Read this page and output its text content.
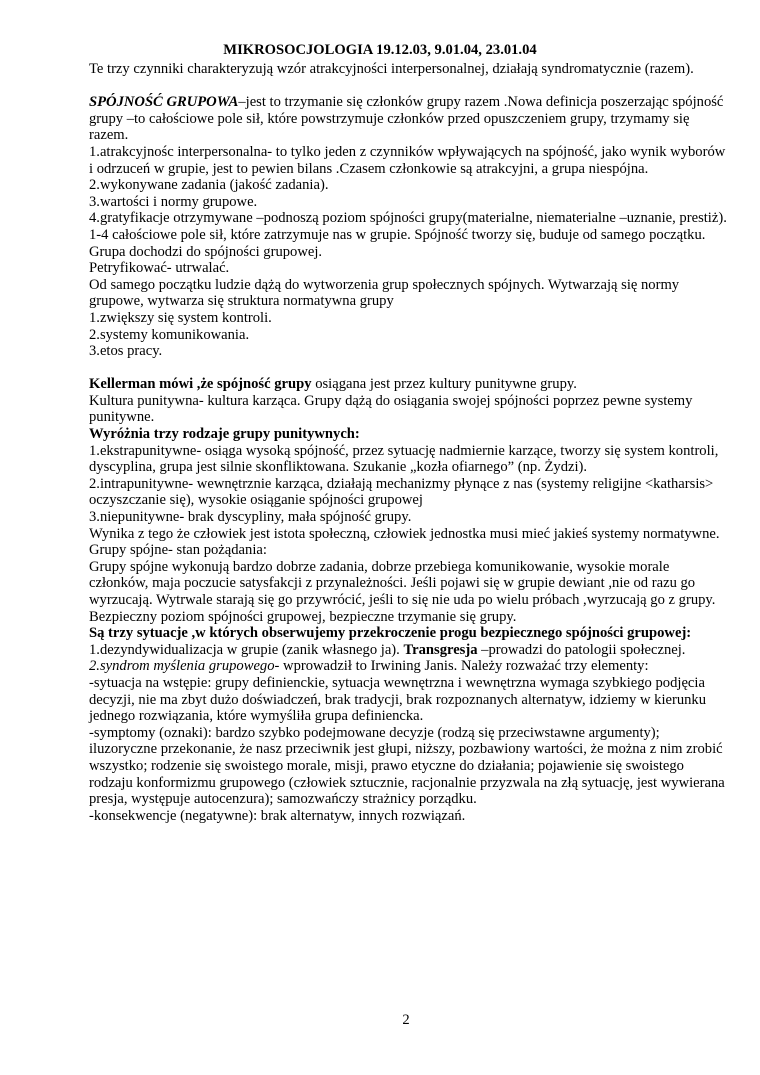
MIKROSOCJOLOGIA 19.12.03, 9.01.04, 23.01.04

Te trzy czynniki charakteryzują wzór atrakcyjności interpersonalnej, działają syndromatycznie (razem).

SPÓJNOŚĆ GRUPOWA–jest to trzymanie się członków grupy razem .Nowa definicja poszerzając spójność grupy –to całościowe pole sił, które powstrzymuje członków przed opuszczeniem grupy, trzymamy się razem.

1.atrakcyjnośc interpersonalna- to tylko jeden z czynników wpływających na spójność, jako wynik wyborów i odrzuceń w grupie, jest to pewien bilans .Czasem członkowie są atrakcyjni, a grupa niespójna.

2.wykonywane zadania (jakość zadania).

3.wartości i normy grupowe.

4.gratyfikacje otrzymywane –podnoszą poziom spójności grupy(materialne, niematerialne –uznanie, prestiż).

1-4 całościowe pole sił, które zatrzymuje nas w grupie. Spójność tworzy się, buduje od samego początku. Grupa dochodzi do spójności grupowej.

Petryfikować- utrwalać.

Od samego początku ludzie dążą do wytworzenia grup społecznych spójnych. Wytwarzają się normy grupowe, wytwarza się struktura normatywna grupy

1.zwiększy się system kontroli.

2.systemy komunikowania.

3.etos pracy.

Kellerman mówi ,że spójność grupy osiągana jest przez kultury punitywne grupy.

Kultura punitywna- kultura karząca. Grupy dążą do osiągania swojej spójności poprzez pewne systemy punitywne.

Wyróżnia trzy rodzaje grupy punitywnych:

1.ekstrapunitywne- osiąga wysoką spójność, przez sytuację nadmiernie karzące, tworzy się system kontroli, dyscyplina, grupa jest silnie skonfliktowana. Szukanie „kozła ofiarnego” (np. Żydzi).

2.intrapunitywne- wewnętrznie karząca, działają mechanizmy płynące z nas (systemy religijne <katharsis> oczyszczanie się), wysokie osiąganie spójności grupowej

3.niepunitywne- brak dyscypliny, mała spójność grupy.

Wynika z tego że człowiek jest istota społeczną, człowiek jednostka musi mieć jakieś systemy normatywne.

Grupy spójne- stan pożądania:

Grupy spójne wykonują bardzo dobrze zadania, dobrze przebiega komunikowanie, wysokie morale członków, maja poczucie satysfakcji z przynależności. Jeśli pojawi się w grupie dewiant ,nie od razu go wyrzucają. Wytrwale starają się go przywrócić, jeśli to się nie uda po wielu próbach ,wyrzucają go z grupy.

Bezpieczny poziom spójności grupowej, bezpieczne trzymanie się grupy.

Są trzy sytuacje ,w których obserwujemy przekroczenie progu bezpiecznego spójności grupowej:

1.dezyndywidualizacja w grupie (zanik własnego ja). Transgresja –prowadzi do patologii społecznej.

2.syndrom myślenia grupowego- wprowadził to Irwining Janis. Należy rozważać trzy elementy:

-sytuacja na wstępie: grupy definienckie, sytuacja wewnętrzna i wewnętrzna wymaga szybkiego podjęcia decyzji, nie ma zbyt dużo doświadczeń, brak tradycji, brak rozpoznanych alternatyw, idziemy w kierunku jednego rozwiązania, które wymyśliła grupa definiencka.

-symptomy (oznaki): bardzo szybko podejmowane decyzje (rodzą się przeciwstawne argumenty); iluzoryczne przekonanie, że nasz przeciwnik jest głupi, niższy, pozbawiony wartości, że można z nim zrobić wszystko; rodzenie się swoistego morale, misji, prawo etyczne do działania; pojawienie się swoistego rodzaju konformizmu grupowego (człowiek sztucznie, racjonalnie przyzwala na złą sytuację, jest wywierana presja, występuje autocenzura); samozwańczy strażnicy porządku.

-konsekwencje (negatywne): brak alternatyw, innych rozwiązań.

2
